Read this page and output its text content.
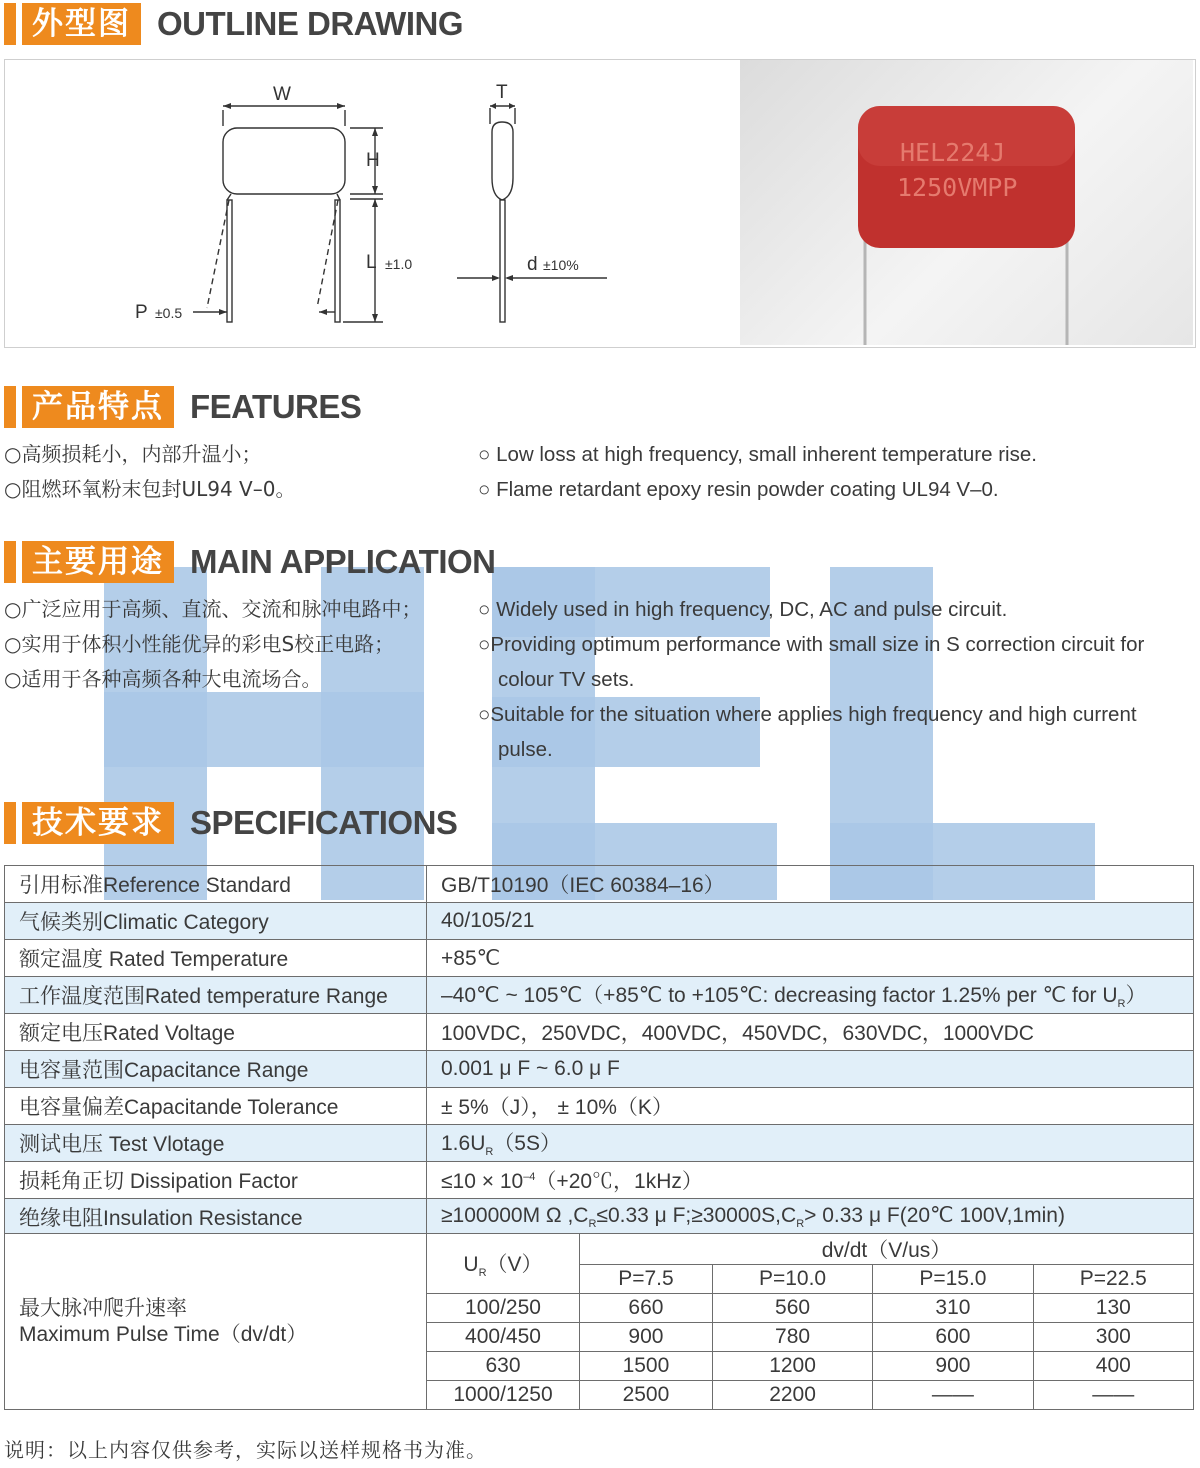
外型图 OUTLINE DRAWING
W
H
L ±1.0
P ±0.5
T
d ±10%
HEL224J
1250VMPP
产品特点 FEATURES
○高频损耗小，内部升温小；
○阻燃环氧粉末包封UL94 V–0。
○ Low loss at high frequency, small inherent temperature rise.
○ Flame retardant epoxy resin powder coating UL94 V–0.
主要用途 MAIN APPLICATION
○广泛应用于高频、直流、交流和脉冲电路中；
○实用于体积小性能优异的彩电S校正电路；
○适用于各种高频各种大电流场合。
○ Widely used in high frequency, DC, AC and pulse circuit.
○Providing optimum performance with small size in S correction circuit for
colour TV sets.
○Suitable for the situation where applies high frequency and high current
pulse.
技术要求 SPECIFICATIONS
引用标准Reference Standard	GB/T10190（IEC 60384–16）
气候类别Climatic Category	40/105/21
额定温度 Rated Temperature	+85℃
工作温度范围Rated temperature Range	–40℃ ~ 105℃（+85℃ to +105℃: decreasing factor 1.25% per ℃ for $U_R$）
额定电压Rated Voltage	100VDC，250VDC，400VDC，450VDC，630VDC，1000VDC
电容量范围Capacitance Range	0.001 μ F ~ 6.0 μ F
电容量偏差Capacitande Tolerance	± 5%（J）， ± 10%（K）
测试电压 Test Vlotage	$1.6U_R(5S)$
损耗角正切 Dissipation Factor	$\le 10 \times 10^{-4}(+20℃$，1kHz）
绝缘电阻Insulation Resistance	≥100000M Ω $,C_R\le 0.33$ μ $F;\ge 30000S,C_R> 0.33$ μ F(20℃ 100V,1min)
最大脉冲爬升速率
Maximum Pulse Time（dv/dt）	$U_R(V)$	dv/dt（V/us）			
		P=7.5	P=10.0	P=15.0	P=22.5
	100/250	660	560	310	130
	400/450	900	780	600	300
	630	1500	1200	900	400
	1000/1250	2500	2200	——	——
说明：以上内容仅供参考，实际以送样规格书为准。
